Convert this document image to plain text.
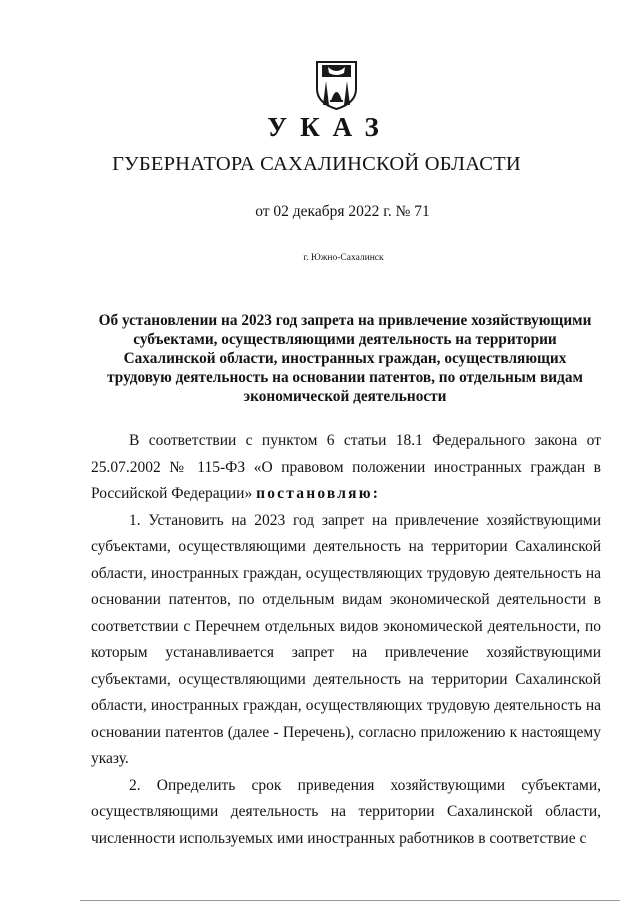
УКАЗ
ГУБЕРНАТОРА САХАЛИНСКОЙ ОБЛАСТИ
от 02 декабря 2022 г. № 71
г. Южно-Сахалинск
Об установлении на 2023 год запрета на привлечение хозяйствующими
субъектами, осуществляющими деятельность на территории
Сахалинской области, иностранных граждан, осуществляющих
трудовую деятельность на основании патентов, по отдельным видам
экономической деятельности

В соответствии с пунктом 6 статьи 18.1 Федерального закона от 25.07.2002 № 115-ФЗ «О правовом положении иностранных граждан в Российской Федерации» постановляю:

1. Установить на 2023 год запрет на привлечение хозяйствующими субъектами, осуществляющими деятельность на территории Сахалинской области, иностранных граждан, осуществляющих трудовую деятельность на основании патентов, по отдельным видам экономической деятельности в соответствии с Перечнем отдельных видов экономической деятельности, по которым устанавливается запрет на привлечение хозяйствующими субъектами, осуществляющими деятельность на территории Сахалинской области, иностранных граждан, осуществляющих трудовую деятельность на основании патентов (далее - Перечень), согласно приложению к настоящему указу.

2. Определить срок приведения хозяйствующими субъектами, осуществляющими деятельность на территории Сахалинской области, численности используемых ими иностранных работников в соответствие с
